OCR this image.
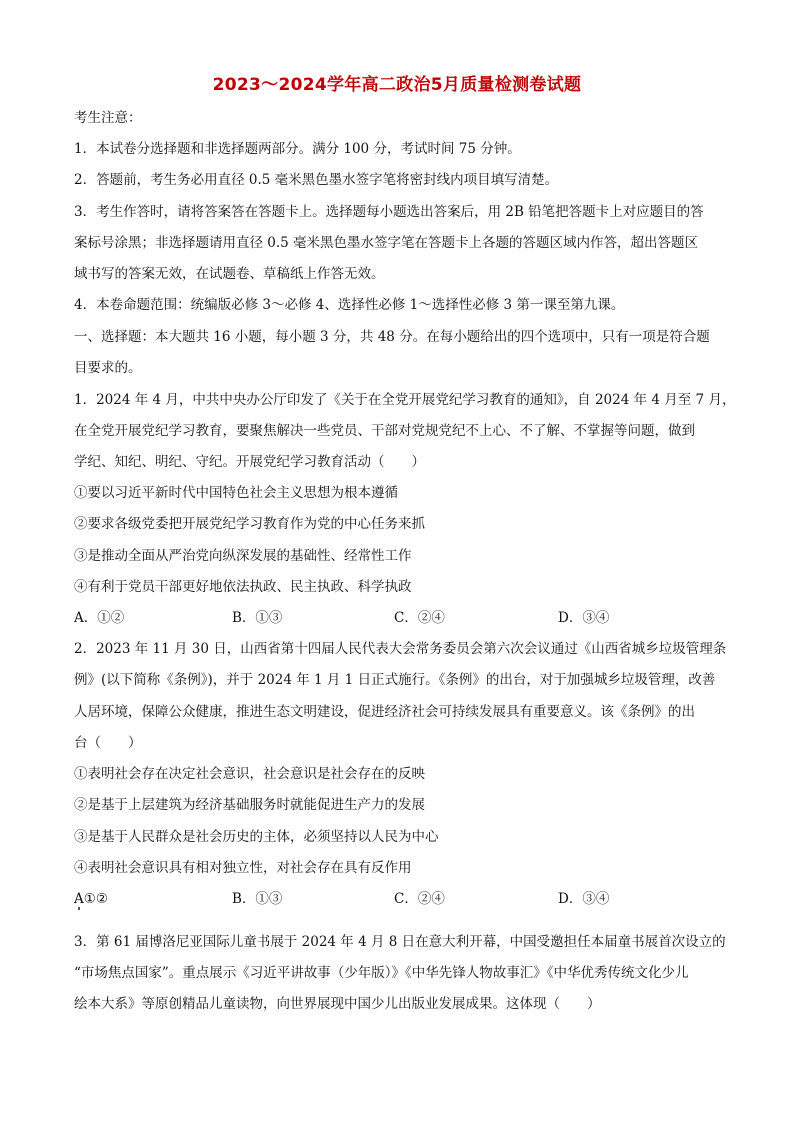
2023～2024学年高二政治5月质量检测卷试题
考生注意：
1．本试卷分选择题和非选择题两部分。满分 100 分，考试时间 75 分钟。
2．答题前，考生务必用直径 0.5 毫米黑色墨水签字笔将密封线内项目填写清楚。
3．考生作答时，请将答案答在答题卡上。选择题每小题选出答案后，用 2B 铅笔把答题卡上对应题目的答
案标号涂黑；非选择题请用直径 0.5 毫米黑色墨水签字笔在答题卡上各题的答题区域内作答，超出答题区
域书写的答案无效，在试题卷、草稿纸上作答无效。
4．本卷命题范围：统编版必修 3～必修 4、选择性必修 1～选择性必修 3 第一课至第九课。
一、选择题：本大题共 16 小题，每小题 3 分，共 48 分。在每小题给出的四个选项中，只有一项是符合题
目要求的。
1．2024 年 4 月，中共中央办公厅印发了《关于在全党开展党纪学习教育的通知》，自 2024 年 4 月至 7 月，
在全党开展党纪学习教育，要聚焦解决一些党员、干部对党规党纪不上心、不了解、不掌握等问题，做到
学纪、知纪、明纪、守纪。开展党纪学习教育活动（　　）
①要以习近平新时代中国特色社会主义思想为根本遵循
②要求各级党委把开展党纪学习教育作为党的中心任务来抓
③是推动全面从严治党向纵深发展的基础性、经常性工作
④有利于党员干部更好地依法执政、民主执政、科学执政
A．①②	B．①③	C．②④	D．③④
2．2023 年 11 月 30 日，山西省第十四届人民代表大会常务委员会第六次会议通过《山西省城乡垃圾管理条
例》(以下简称《条例》)，并于 2024 年 1 月 1 日正式施行。《条例》的出台，对于加强城乡垃圾管理，改善
人居环境，保障公众健康，推进生态文明建设，促进经济社会可持续发展具有重要意义。该《条例》的出
台（　　）
①表明社会存在决定社会意识，社会意识是社会存在的反映
②是基于上层建筑为经济基础服务时就能促进生产力的发展
③是基于人民群众是社会历史的主体，必须坚持以人民为中心
④表明社会意识具有相对独立性，对社会存在具有反作用
A①②	B．①③	C．②④	D．③④
3．第 61 届博洛尼亚国际儿童书展于 2024 年 4 月 8 日在意大利开幕，中国受邀担任本届童书展首次设立的
“市场焦点国家”。重点展示《习近平讲故事（少年版）》《中华先锋人物故事汇》《中华优秀传统文化少儿
绘本大系》等原创精品儿童读物，向世界展现中国少儿出版业发展成果。这体现（　　）
